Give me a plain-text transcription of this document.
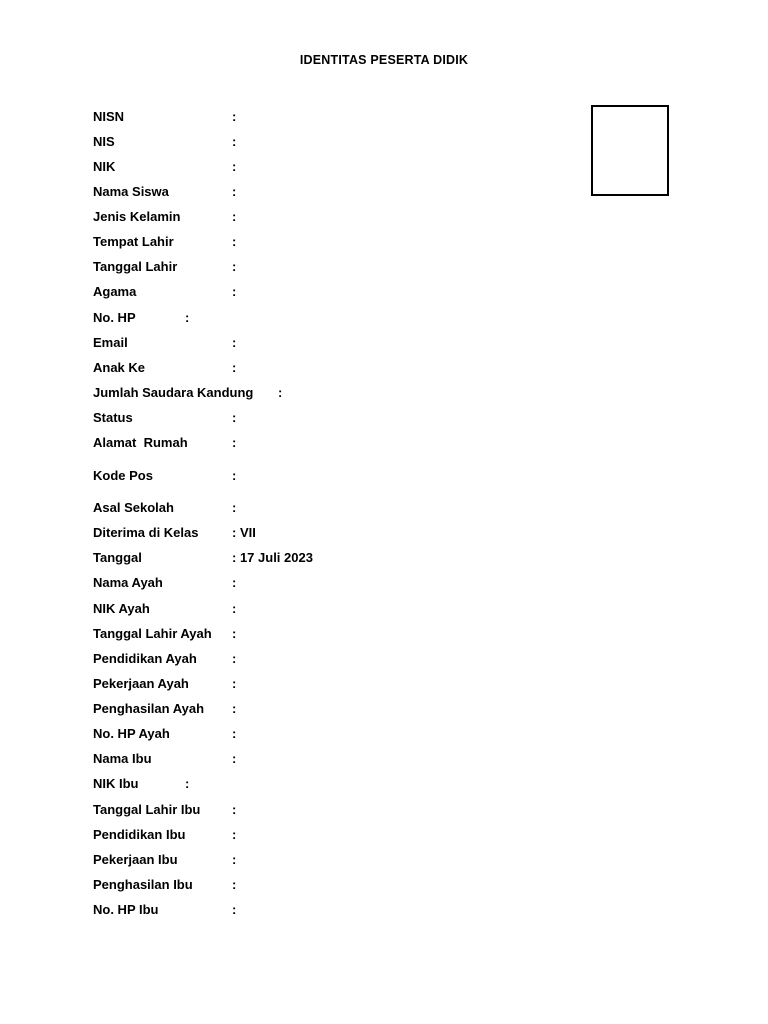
IDENTITAS PESERTA DIDIK
NISN	:
NIS	:
NIK	:
Nama Siswa	:
Jenis Kelamin	:
Tempat Lahir	:
Tanggal Lahir	:
Agama	:
No. HP	:
Email	:
Anak Ke	:
Jumlah Saudara Kandung :
Status	:
Alamat  Rumah	:
Kode Pos	:
Asal Sekolah	:
Diterima di Kelas	: VII
Tanggal	: 17 Juli 2023
Nama Ayah	:
NIK Ayah	:
Tanggal Lahir Ayah :
Pendidikan Ayah	:
Pekerjaan Ayah	:
Penghasilan Ayah :
No. HP Ayah	:
Nama Ibu	:
NIK Ibu	:
Tanggal Lahir Ibu :
Pendidikan Ibu	:
Pekerjaan Ibu	:
Penghasilan Ibu	:
No. HP Ibu	:
